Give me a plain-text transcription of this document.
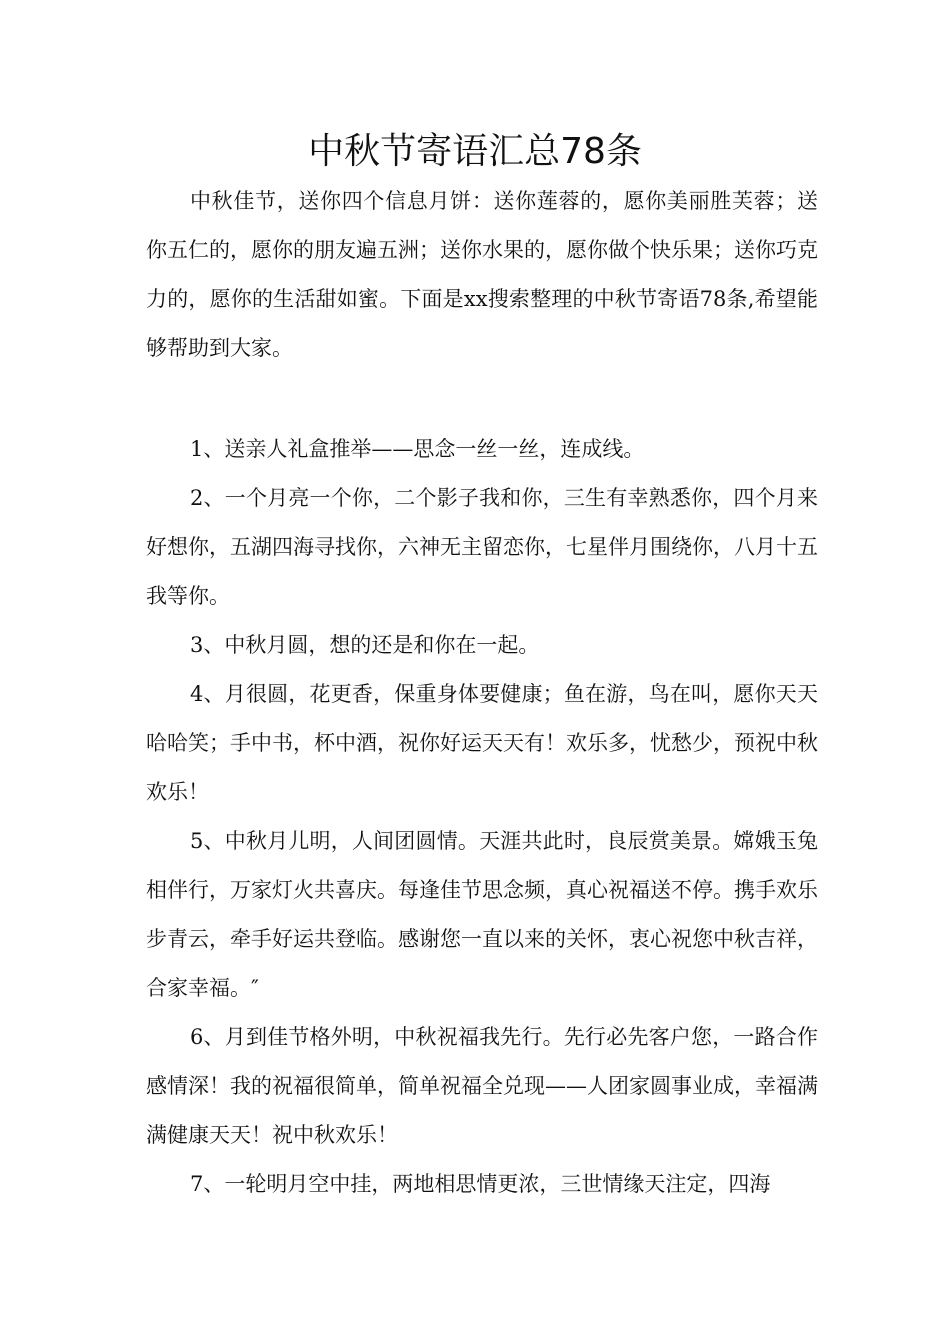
中秋节寄语汇总78条

中秋佳节，送你四个信息月饼：送你莲蓉的，愿你美丽胜芙蓉；送你五仁的，愿你的朋友遍五洲；送你水果的，愿你做个快乐果；送你巧克力的，愿你的生活甜如蜜。下面是xx搜索整理的中秋节寄语78条,希望能够帮助到大家。

1、送亲人礼盒推举——思念一丝一丝，连成线。

2、一个月亮一个你，二个影子我和你，三生有幸熟悉你，四个月来好想你，五湖四海寻找你，六神无主留恋你，七星伴月围绕你，八月十五我等你。

3、中秋月圆，想的还是和你在一起。

4、月很圆，花更香，保重身体要健康；鱼在游，鸟在叫，愿你天天哈哈笑；手中书，杯中酒，祝你好运天天有！欢乐多，忧愁少，预祝中秋欢乐！

5、中秋月儿明，人间团圆情。天涯共此时，良辰赏美景。嫦娥玉兔相伴行，万家灯火共喜庆。每逢佳节思念频，真心祝福送不停。携手欢乐步青云，牵手好运共登临。感谢您一直以来的关怀，衷心祝您中秋吉祥，合家幸福。″

6、月到佳节格外明，中秋祝福我先行。先行必先客户您，一路合作感情深！我的祝福很简单，简单祝福全兑现——人团家圆事业成，幸福满满健康天天！祝中秋欢乐！

7、一轮明月空中挂，两地相思情更浓，三世情缘天注定，四海
